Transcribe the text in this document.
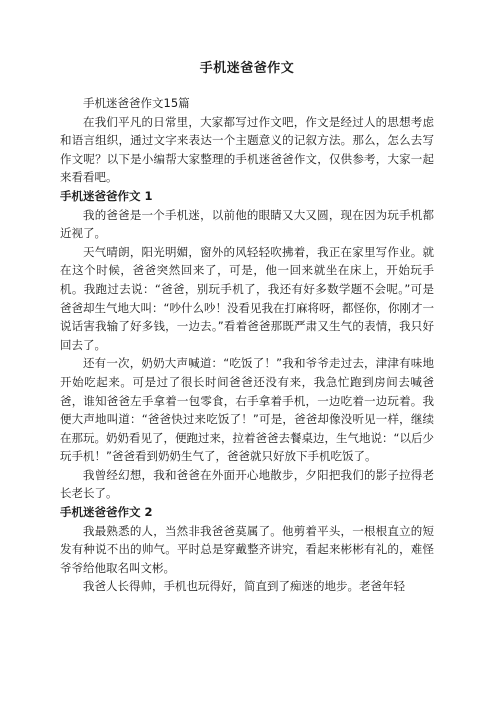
手机迷爸爸作文

手机迷爸爸作文15篇

在我们平凡的日常里，大家都写过作文吧，作文是经过人的思想考虑和语言组织，通过文字来表达一个主题意义的记叙方法。那么，怎么去写作文呢？以下是小编帮大家整理的手机迷爸爸作文，仅供参考，大家一起来看看吧。

手机迷爸爸作文 1

我的爸爸是一个手机迷，以前他的眼睛又大又圆，现在因为玩手机都近视了。

天气晴朗，阳光明媚，窗外的风轻轻吹拂着，我正在家里写作业。就在这个时候，爸爸突然回来了，可是，他一回来就坐在床上，开始玩手机。我跑过去说：“爸爸，别玩手机了，我还有好多数学题不会呢。”可是爸爸却生气地大叫：“吵什么吵！没看见我在打麻将呀，都怪你，你刚才一说话害我输了好多钱，一边去。”看着爸爸那既严肃又生气的表情，我只好回去了。

还有一次，奶奶大声喊道：“吃饭了！”我和爷爷走过去，津津有味地开始吃起来。可是过了很长时间爸爸还没有来，我急忙跑到房间去喊爸爸，谁知爸爸左手拿着一包零食，右手拿着手机，一边吃着一边玩着。我便大声地叫道：“爸爸快过来吃饭了！”可是，爸爸却像没听见一样，继续在那玩。奶奶看见了，便跑过来，拉着爸爸去餐桌边，生气地说：“以后少玩手机！”爸爸看到奶奶生气了，爸爸就只好放下手机吃饭了。

我曾经幻想，我和爸爸在外面开心地散步，夕阳把我们的影子拉得老长老长了。

手机迷爸爸作文 2

我最熟悉的人，当然非我爸爸莫属了。他剪着平头，一根根直立的短发有种说不出的帅气。平时总是穿戴整齐讲究，看起来彬彬有礼的，难怪爷爷给他取名叫文彬。

我爸人长得帅，手机也玩得好，简直到了痴迷的地步。老爸年轻
